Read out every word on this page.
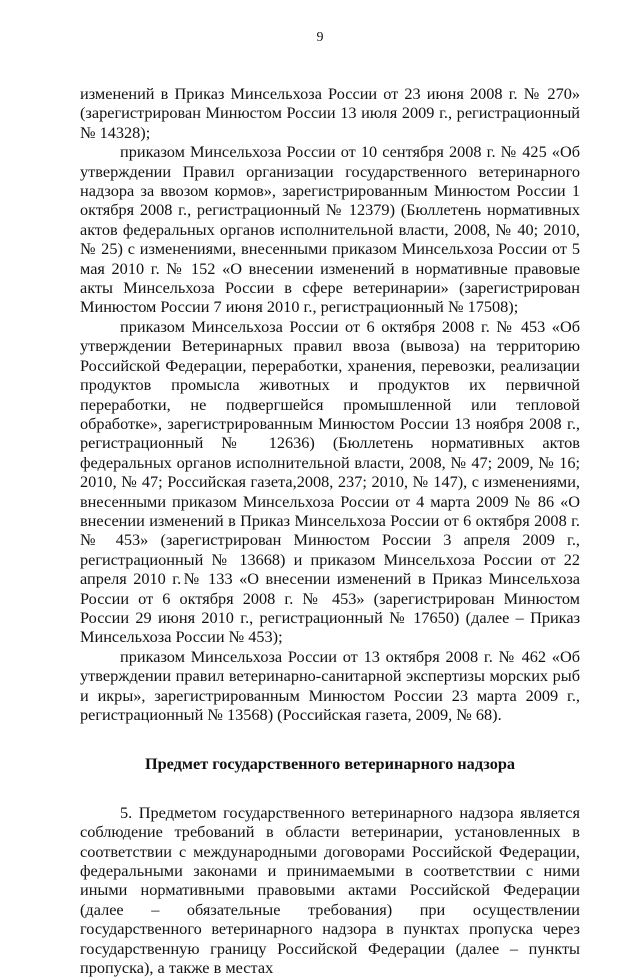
9

изменений в Приказ Минсельхоза России от 23 июня 2008 г. № 270» (зарегистрирован Минюстом России 13 июля 2009 г., регистрационный № 14328);

приказом Минсельхоза России от 10 сентября 2008 г. № 425 «Об утверждении Правил организации государственного ветеринарного надзора за ввозом кормов», зарегистрированным Минюстом России 1 октября 2008 г., регистрационный № 12379) (Бюллетень нормативных актов федеральных органов исполнительной власти, 2008, № 40; 2010, № 25) с изменениями, внесенными приказом Минсельхоза России от 5 мая 2010 г. № 152 «О внесении изменений в нормативные правовые акты Минсельхоза России в сфере ветеринарии» (зарегистрирован Минюстом России 7 июня 2010 г., регистрационный № 17508);

приказом Минсельхоза России от 6 октября 2008 г. № 453 «Об утверждении Ветеринарных правил ввоза (вывоза) на территорию Российской Федерации, переработки, хранения, перевозки, реализации продуктов промысла животных и продуктов их первичной переработки, не подвергшейся промышленной или тепловой обработке», зарегистрированным Минюстом России 13 ноября 2008 г., регистрационный № 12636) (Бюллетень нормативных актов федеральных органов исполнительной власти, 2008, № 47; 2009, № 16; 2010, № 47; Российская газета,2008, 237; 2010, № 147), с изменениями, внесенными приказом Минсельхоза России от 4 марта 2009 № 86 «О внесении изменений в Приказ Минсельхоза России от 6 октября 2008 г. № 453» (зарегистрирован Минюстом России 3 апреля 2009 г., регистрационный № 13668) и приказом Минсельхоза России от 22 апреля 2010 г.№ 133 «О внесении изменений в Приказ Минсельхоза России от 6 октября 2008 г. № 453» (зарегистрирован Минюстом России 29 июня 2010 г., регистрационный № 17650) (далее – Приказ Минсельхоза России № 453);

приказом Минсельхоза России от 13 октября 2008 г. № 462 «Об утверждении правил ветеринарно-санитарной экспертизы морских рыб и икры», зарегистрированным Минюстом России 23 марта 2009 г., регистрационный № 13568) (Российская газета, 2009, № 68).

Предмет государственного ветеринарного надзора

5. Предметом государственного ветеринарного надзора является соблюдение требований в области ветеринарии, установленных в соответствии с международными договорами Российской Федерации, федеральными законами и принимаемыми в соответствии с ними иными нормативными правовыми актами Российской Федерации (далее – обязательные требования) при осуществлении государственного ветеринарного надзора в пунктах пропуска через государственную границу Российской Федерации (далее – пункты пропуска), а также в местах
